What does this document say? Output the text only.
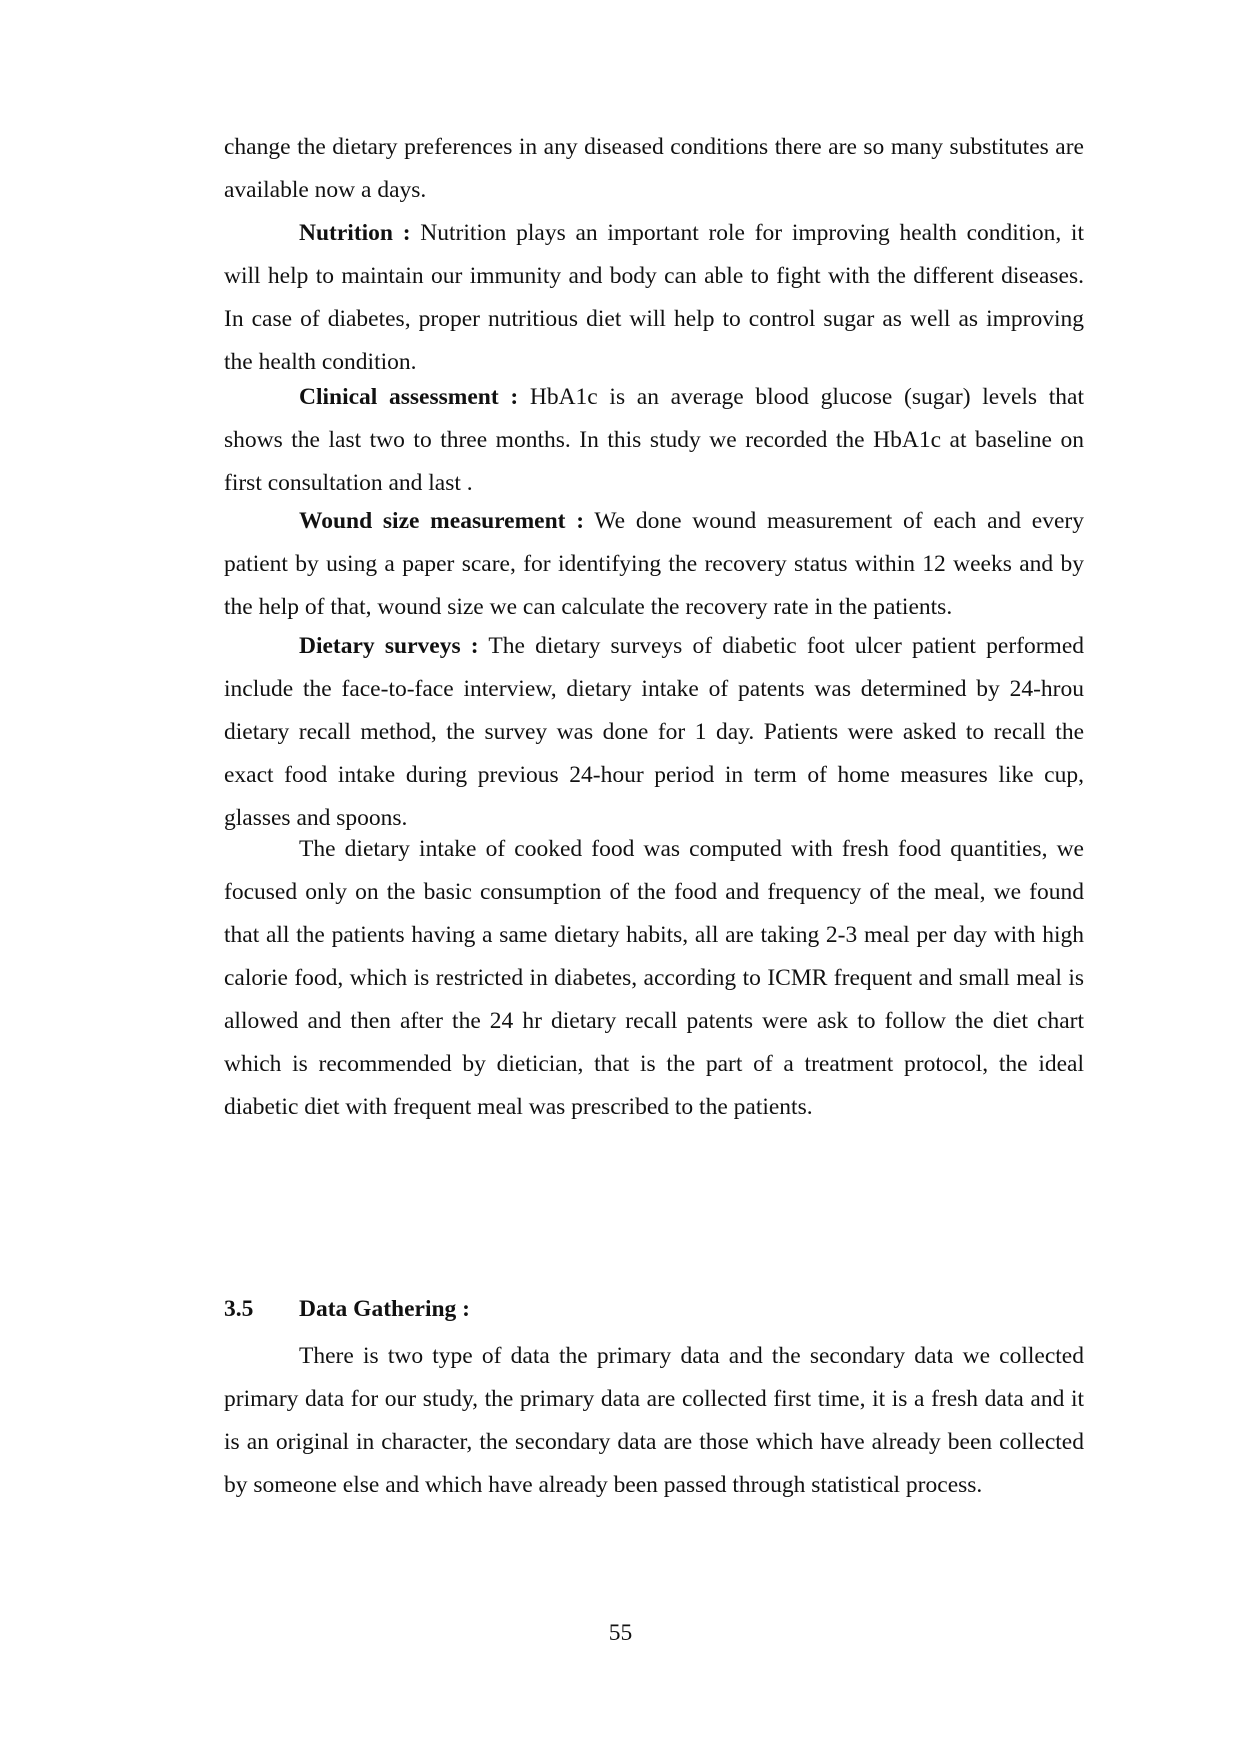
change the dietary preferences in any diseased conditions there are so many substitutes are available now a days.

Nutrition : Nutrition plays an important role for improving health condition, it will help to maintain our immunity and body can able to fight with the different diseases. In case of diabetes, proper nutritious diet will help to control sugar as well as improving the health condition.

Clinical assessment : HbA1c is an average blood glucose (sugar) levels that shows the last two to three months. In this study we recorded the HbA1c at baseline on first consultation and last .

Wound size measurement : We done wound measurement of each and every patient by using a paper scare, for identifying the recovery status within 12 weeks and by the help of that, wound size we can calculate the recovery rate in the patients.

Dietary surveys : The dietary surveys of diabetic foot ulcer patient performed include the face-to-face interview, dietary intake of patents was determined by 24-hrou dietary recall method, the survey was done for 1 day. Patients were asked to recall the exact food intake during previous 24-hour period in term of home measures like cup, glasses and spoons.

The dietary intake of cooked food was computed with fresh food quantities, we focused only on the basic consumption of the food and frequency of the meal, we found that all the patients having a same dietary habits, all are taking 2-3 meal per day with high calorie food, which is restricted in diabetes, according to ICMR frequent and small meal is allowed and then after the 24 hr dietary recall patents were ask to follow the diet chart which is recommended by dietician, that is the part of a treatment protocol, the ideal diabetic diet with frequent meal was prescribed to the patients.

3.5 Data Gathering :

There is two type of data the primary data and the secondary data we collected primary data for our study, the primary data are collected first time, it is a fresh data and it is an original in character, the secondary data are those which have already been collected by someone else and which have already been passed through statistical process.

55
